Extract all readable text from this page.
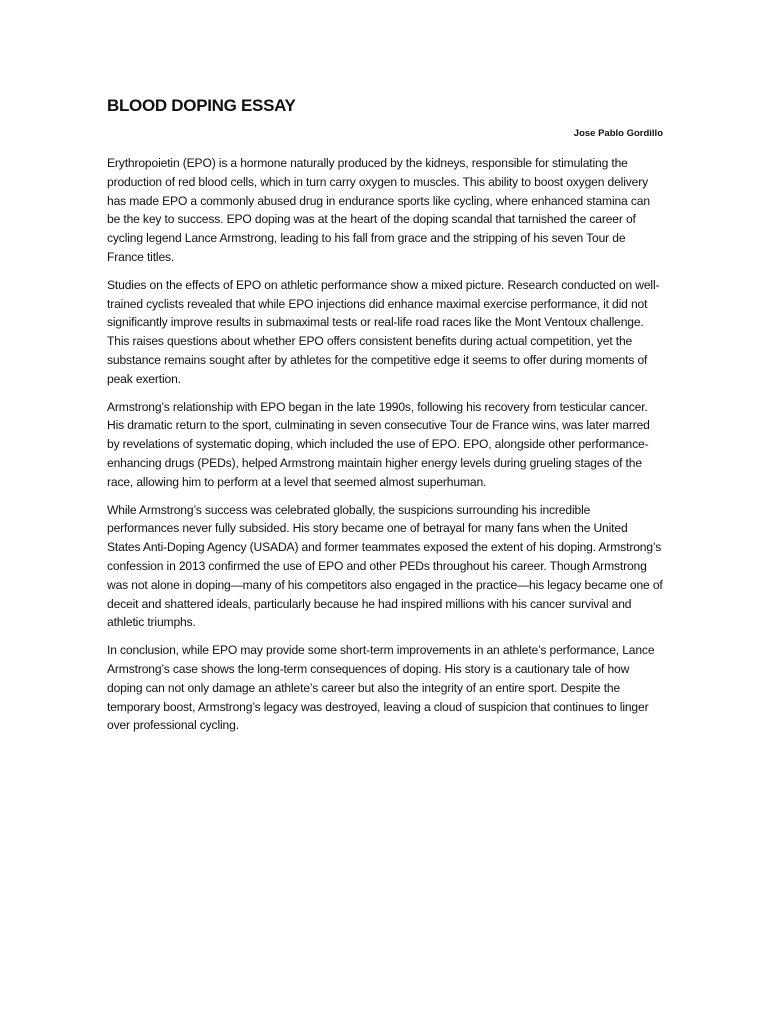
BLOOD DOPING ESSAY
Jose Pablo Gordillo

Erythropoietin (EPO) is a hormone naturally produced by the kidneys, responsible for stimulating the production of red blood cells, which in turn carry oxygen to muscles. This ability to boost oxygen delivery has made EPO a commonly abused drug in endurance sports like cycling, where enhanced stamina can be the key to success. EPO doping was at the heart of the doping scandal that tarnished the career of cycling legend Lance Armstrong, leading to his fall from grace and the stripping of his seven Tour de France titles.

Studies on the effects of EPO on athletic performance show a mixed picture. Research conducted on well-trained cyclists revealed that while EPO injections did enhance maximal exercise performance, it did not significantly improve results in submaximal tests or real-life road races like the Mont Ventoux challenge. This raises questions about whether EPO offers consistent benefits during actual competition, yet the substance remains sought after by athletes for the competitive edge it seems to offer during moments of peak exertion.

Armstrong’s relationship with EPO began in the late 1990s, following his recovery from testicular cancer. His dramatic return to the sport, culminating in seven consecutive Tour de France wins, was later marred by revelations of systematic doping, which included the use of EPO. EPO, alongside other performance-enhancing drugs (PEDs), helped Armstrong maintain higher energy levels during grueling stages of the race, allowing him to perform at a level that seemed almost superhuman.

While Armstrong’s success was celebrated globally, the suspicions surrounding his incredible performances never fully subsided. His story became one of betrayal for many fans when the United States Anti-Doping Agency (USADA) and former teammates exposed the extent of his doping. Armstrong’s confession in 2013 confirmed the use of EPO and other PEDs throughout his career. Though Armstrong was not alone in doping—many of his competitors also engaged in the practice—his legacy became one of deceit and shattered ideals, particularly because he had inspired millions with his cancer survival and athletic triumphs.

In conclusion, while EPO may provide some short-term improvements in an athlete’s performance, Lance Armstrong’s case shows the long-term consequences of doping. His story is a cautionary tale of how doping can not only damage an athlete’s career but also the integrity of an entire sport. Despite the temporary boost, Armstrong’s legacy was destroyed, leaving a cloud of suspicion that continues to linger over professional cycling.
